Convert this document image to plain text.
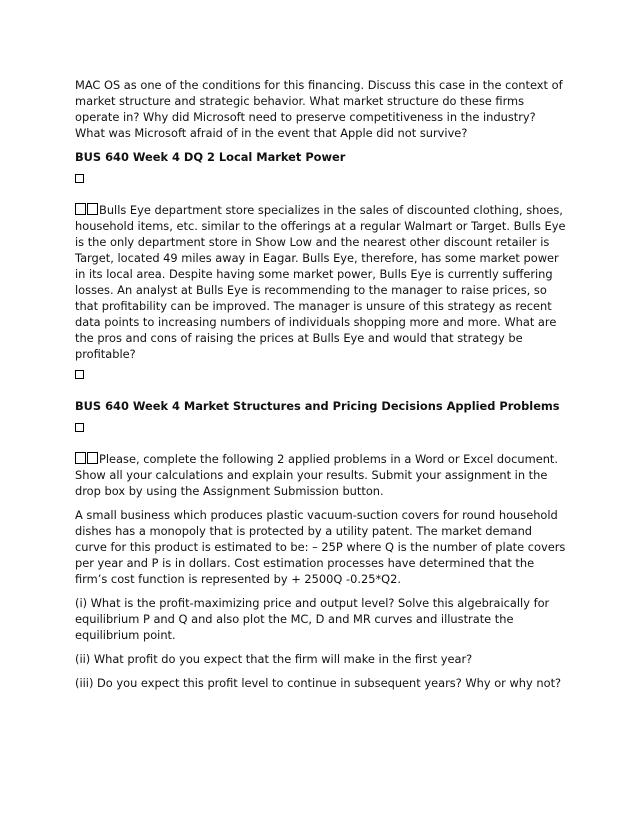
MAC OS as one of the conditions for this financing. Discuss this case in the context of market structure and strategic behavior. What market structure do these firms operate in? Why did Microsoft need to preserve competitiveness in the industry? What was Microsoft afraid of in the event that Apple did not survive?

BUS 640 Week 4 DQ 2 Local Market Power

Bulls Eye department store specializes in the sales of discounted clothing, shoes, household items, etc. similar to the offerings at a regular Walmart or Target. Bulls Eye is the only department store in Show Low and the nearest other discount retailer is Target, located 49 miles away in Eagar. Bulls Eye, therefore, has some market power in its local area. Despite having some market power, Bulls Eye is currently suffering losses. An analyst at Bulls Eye is recommending to the manager to raise prices, so that profitability can be improved. The manager is unsure of this strategy as recent data points to increasing numbers of individuals shopping more and more. What are the pros and cons of raising the prices at Bulls Eye and would that strategy be profitable?

BUS 640 Week 4 Market Structures and Pricing Decisions Applied Problems

Please, complete the following 2 applied problems in a Word or Excel document. Show all your calculations and explain your results. Submit your assignment in the drop box by using the Assignment Submission button.

A small business which produces plastic vacuum-suction covers for round household dishes has a monopoly that is protected by a utility patent. The market demand curve for this product is estimated to be: – 25P where Q is the number of plate covers per year and P is in dollars. Cost estimation processes have determined that the firm’s cost function is represented by + 2500Q -0.25*Q2.

(i) What is the profit-maximizing price and output level? Solve this algebraically for equilibrium P and Q and also plot the MC, D and MR curves and illustrate the equilibrium point.

(ii) What profit do you expect that the firm will make in the first year?

(iii) Do you expect this profit level to continue in subsequent years? Why or why not?
